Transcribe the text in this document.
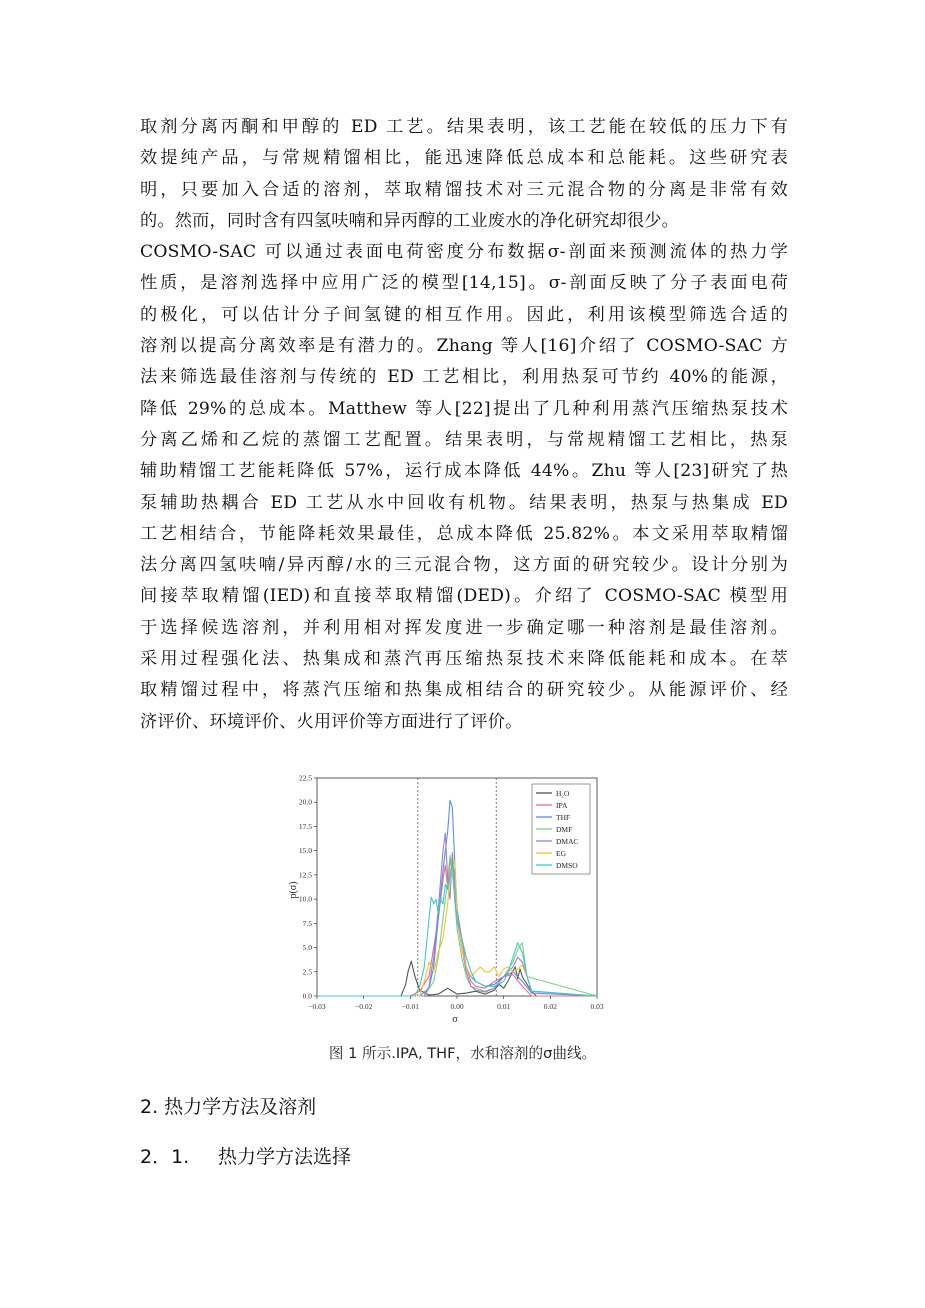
取剂分离丙酮和甲醇的 ED 工艺。结果表明，该工艺能在较低的压力下有
效提纯产品，与常规精馏相比，能迅速降低总成本和总能耗。这些研究表
明，只要加入合适的溶剂，萃取精馏技术对三元混合物的分离是非常有效
的。然而，同时含有四氢呋喃和异丙醇的工业废水的净化研究却很少。
COSMO-SAC 可以通过表面电荷密度分布数据σ-剖面来预测流体的热力学
性质，是溶剂选择中应用广泛的模型[14,15]。σ-剖面反映了分子表面电荷
的极化，可以估计分子间氢键的相互作用。因此，利用该模型筛选合适的
溶剂以提高分离效率是有潜力的。Zhang 等人[16]介绍了 COSMO-SAC 方
法来筛选最佳溶剂与传统的 ED 工艺相比，利用热泵可节约 40%的能源，
降低 29%的总成本。Matthew 等人[22]提出了几种利用蒸汽压缩热泵技术
分离乙烯和乙烷的蒸馏工艺配置。结果表明，与常规精馏工艺相比，热泵
辅助精馏工艺能耗降低 57%，运行成本降低 44%。Zhu 等人[23]研究了热
泵辅助热耦合 ED 工艺从水中回收有机物。结果表明，热泵与热集成 ED
工艺相结合，节能降耗效果最佳，总成本降低 25.82%。本文采用萃取精馏
法分离四氢呋喃/异丙醇/水的三元混合物，这方面的研究较少。设计分别为
间接萃取精馏(IED)和直接萃取精馏(DED)。介绍了 COSMO-SAC 模型用
于选择候选溶剂，并利用相对挥发度进一步确定哪一种溶剂是最佳溶剂。
采用过程强化法、热集成和蒸汽再压缩热泵技术来降低能耗和成本。在萃
取精馏过程中，将蒸汽压缩和热集成相结合的研究较少。从能源评价、经
济评价、环境评价、火用评价等方面进行了评价。
−0.03	−0.02	−0.01	0.00	0.01	0.02	0.03
0.0
2.5
5.0
7.5
10.0
12.5
15.0
17.5
20.0
22.5
H₂O
IPA
THF
DMF
DMAC
EG
DMSO
p(σ)
σ
图 1 所示.IPA, THF，水和溶剂的σ曲线。
2. 热力学方法及溶剂
2．1. 热力学方法选择
